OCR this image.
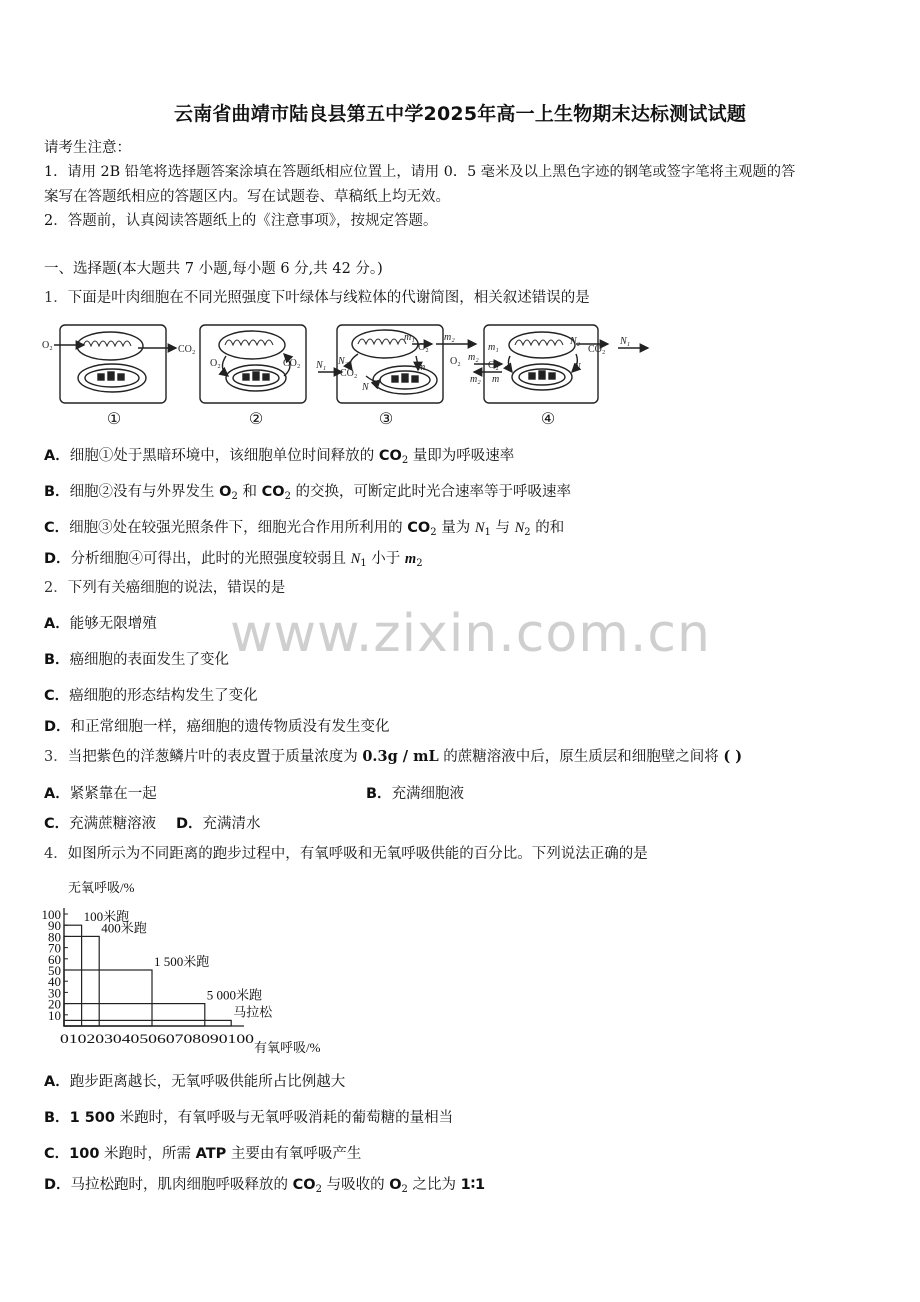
云南省曲靖市陆良县第五中学2025年高一上生物期末达标测试试题
请考生注意：
1．请用 2B 铅笔将选择题答案涂填在答题纸相应位置上，请用 0．5 毫米及以上黑色字迹的钢笔或签字笔将主观题的答
案写在答题纸相应的答题区内。写在试题卷、草稿纸上均无效。
2．答题前，认真阅读答题纸上的《注意事项》，按规定答题。
一、选择题(本大题共 7 小题,每小题 6 分,共 42 分。)
1．下面是叶肉细胞在不同光照强度下叶绿体与线粒体的代谢简图，相关叙述错误的是
O₂	CO₂
O₂	CO₂ N₁ N₂
CO₂
N
m₁
O₂
m
m₂
O₂ m₂
m₂
m₁
O₂
m
N₂
N
CO₂
N₁
①	②	③	④
A．细胞①处于黑暗环境中，该细胞单位时间释放的 $CO_2$ 量即为呼吸速率
B．细胞②没有与外界发生 $O_2$ 和 $CO_2$ 的交换，可断定此时光合速率等于呼吸速率
C．细胞③处在较强光照条件下，细胞光合作用所利用的 $CO_2$ 量为 $N_1$ 与 $N_2$ 的和
D．分析细胞④可得出，此时的光照强度较弱且 $N_1$ 小于 $m_2$
2．下列有关癌细胞的说法，错误的是
A．能够无限增殖
B．癌细胞的表面发生了变化
C．癌细胞的形态结构发生了变化
D．和正常细胞一样，癌细胞的遗传物质没有发生变化
www.zixin.com.cn
3．当把紫色的洋葱鳞片叶的表皮置于质量浓度为 0.3g / mL 的蔗糖溶液中后，原生质层和细胞壁之间将 ( )
A．紧紧靠在一起	B．充满细胞液
C．充满蔗糖溶液 D．充满清水
4．如图所示为不同距离的跑步过程中，有氧呼吸和无氧呼吸供能的百分比。下列说法正确的是
10
20
30
40
50
60
70
80
90
100
0102030405060708090100
100米跑
400米跑
1 500米跑
5 000米跑
马拉松
无氧呼吸/%
有氧呼吸/%
A．跑步距离越长，无氧呼吸供能所占比例越大
B．1 500 米跑时，有氧呼吸与无氧呼吸消耗的葡萄糖的量相当
C．100 米跑时，所需 ATP 主要由有氧呼吸产生
D．马拉松跑时，肌肉细胞呼吸释放的 $CO_2$ 与吸收的 $O_2$ 之比为 1∶1
